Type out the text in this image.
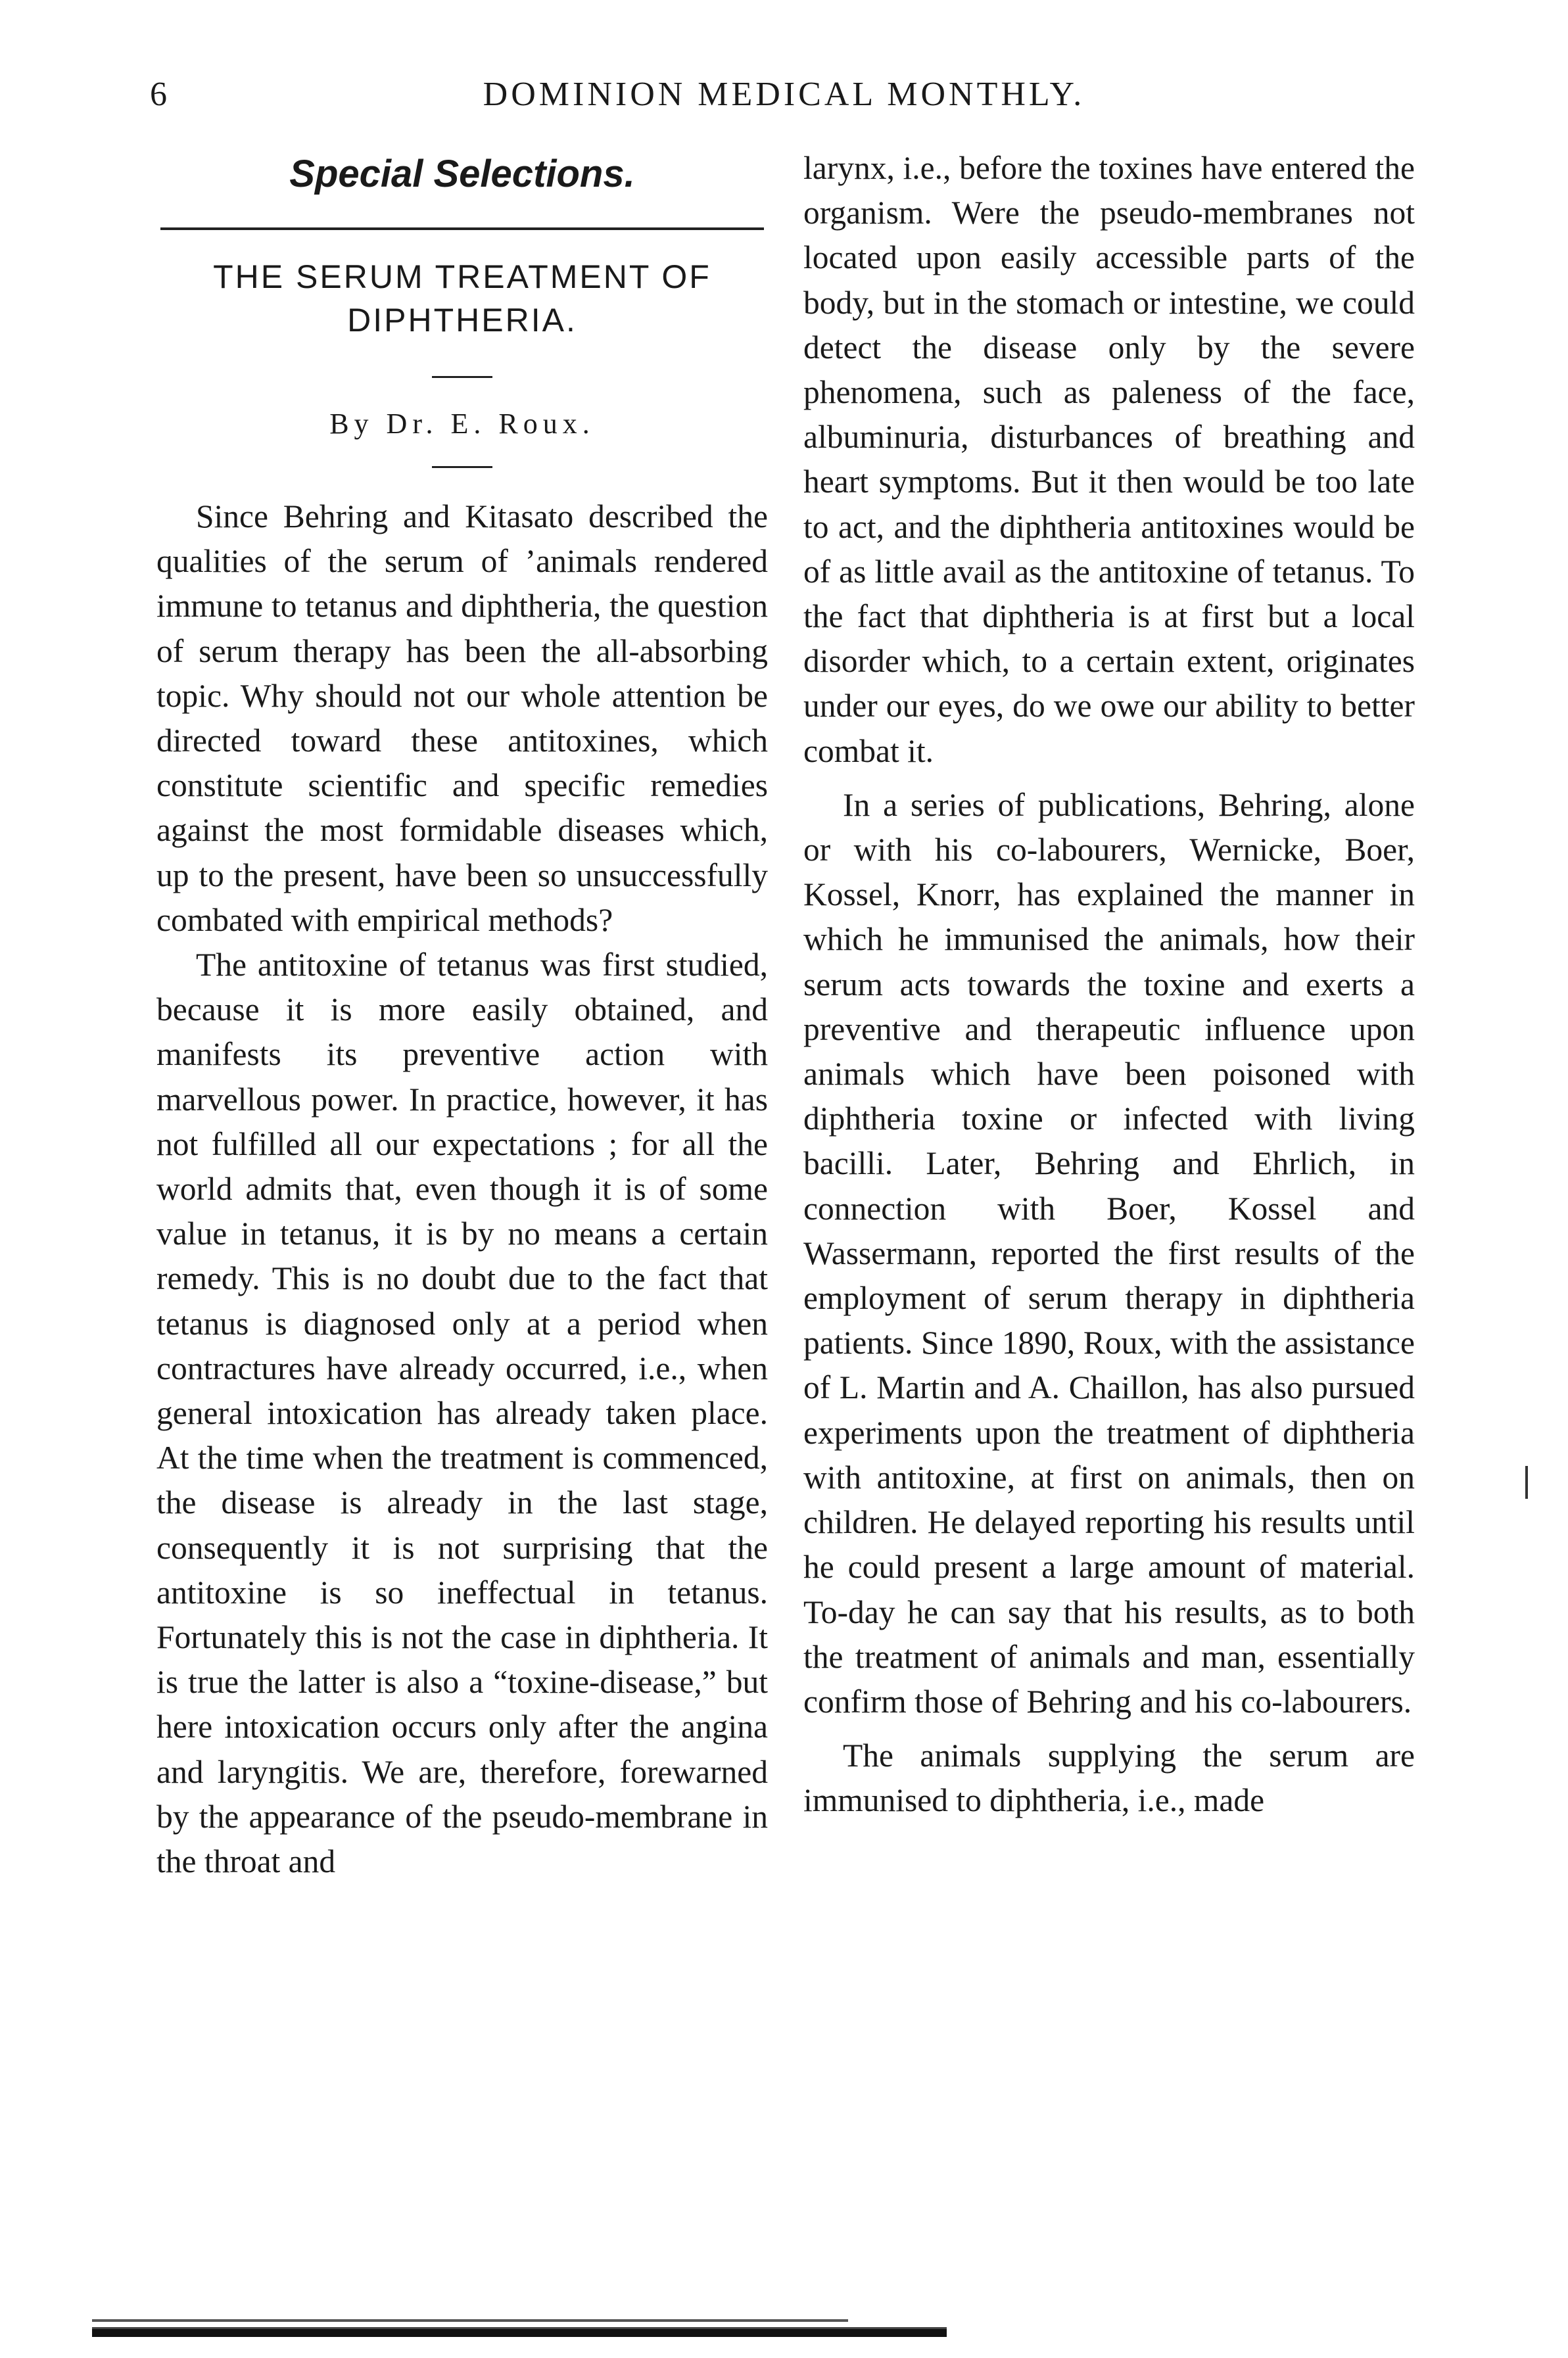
6	DOMINION MEDICAL MONTHLY.
Special Selections.
THE SERUM TREATMENT OF DIPHTHERIA.
By Dr. E. Roux.

Since Behring and Kitasato described the qualities of the serum of ’animals rendered immune to tetanus and diphtheria, the question of serum therapy has been the all-absorbing topic. Why should not our whole attention be directed toward these antitoxines, which constitute scientific and specific remedies against the most formidable diseases which, up to the present, have been so unsuccessfully combated with empirical methods?

The antitoxine of tetanus was first studied, because it is more easily obtained, and manifests its preventive action with marvellous power. In practice, however, it has not fulfilled all our expectations ; for all the world admits that, even though it is of some value in tetanus, it is by no means a certain remedy. This is no doubt due to the fact that tetanus is diagnosed only at a period when contractures have already occurred, i.e., when general intoxication has already taken place. At the time when the treatment is commenced, the disease is already in the last stage, consequently it is not surprising that the antitoxine is so ineffectual in tetanus. Fortunately this is not the case in diphtheria. It is true the latter is also a “toxine-disease,” but here intoxication occurs only after the angina and laryngitis. We are, therefore, forewarned by the appearance of the pseudo-membrane in the throat and

larynx, i.e., before the toxines have entered the organism. Were the pseudo-membranes not located upon easily accessible parts of the body, but in the stomach or intestine, we could detect the disease only by the severe phenomena, such as paleness of the face, albuminuria, disturbances of breathing and heart symptoms. But it then would be too late to act, and the diphtheria antitoxines would be of as little avail as the antitoxine of tetanus. To the fact that diphtheria is at first but a local disorder which, to a certain extent, originates under our eyes, do we owe our ability to better combat it.

In a series of publications, Behring, alone or with his co-labourers, Wernicke, Boer, Kossel, Knorr, has explained the manner in which he immunised the animals, how their serum acts towards the toxine and exerts a preventive and therapeutic influence upon animals which have been poisoned with diphtheria toxine or infected with living bacilli. Later, Behring and Ehrlich, in connection with Boer, Kossel and Wassermann, reported the first results of the employment of serum therapy in diphtheria patients. Since 1890, Roux, with the assistance of L. Martin and A. Chaillon, has also pursued experiments upon the treatment of diphtheria with antitoxine, at first on animals, then on children. He delayed reporting his results until he could present a large amount of material. To-day he can say that his results, as to both the treatment of animals and man, essentially confirm those of Behring and his co-labourers.

The animals supplying the serum are immunised to diphtheria, i.e., made
